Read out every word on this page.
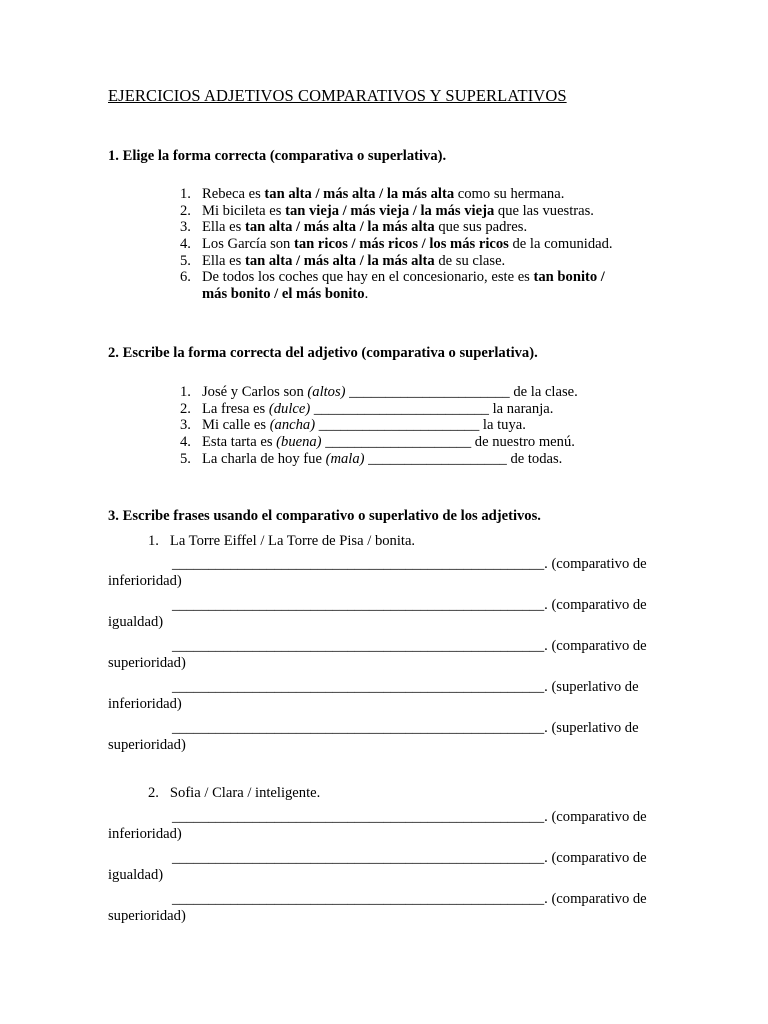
EJERCICIOS ADJETIVOS COMPARATIVOS Y SUPERLATIVOS
1. Elige la forma correcta (comparativa o superlativa).
1. Rebeca es tan alta / más alta / la más alta como su hermana.
2. Mi bicileta es tan vieja / más vieja / la más vieja que las vuestras.
3. Ella es tan alta / más alta / la más alta que sus padres.
4. Los García son tan ricos / más ricos / los más ricos de la comunidad.
5. Ella es tan alta / más alta / la más alta de su clase.
6. De todos los coches que hay en el concesionario, este es tan bonito /
más bonito / el más bonito.
2. Escribe la forma correcta del adjetivo (comparativa o superlativa).
1. José y Carlos son (altos) ______________________ de la clase.
2. La fresa es (dulce) ________________________ la naranja.
3. Mi calle es (ancha) ______________________ la tuya.
4. Esta tarta es (buena) ____________________ de nuestro menú.
5. La charla de hoy fue (mala) ___________________ de todas.
3. Escribe frases usando el comparativo o superlativo de los adjetivos.
1. La Torre Eiffel / La Torre de Pisa / bonita.
___________________________________________________. (comparativo de
inferioridad)
___________________________________________________. (comparativo de
igualdad)
___________________________________________________. (comparativo de
superioridad)
___________________________________________________. (superlativo de
inferioridad)
___________________________________________________. (superlativo de
superioridad)
2. Sofia / Clara / inteligente.
___________________________________________________. (comparativo de
inferioridad)
___________________________________________________. (comparativo de
igualdad)
___________________________________________________. (comparativo de
superioridad)
